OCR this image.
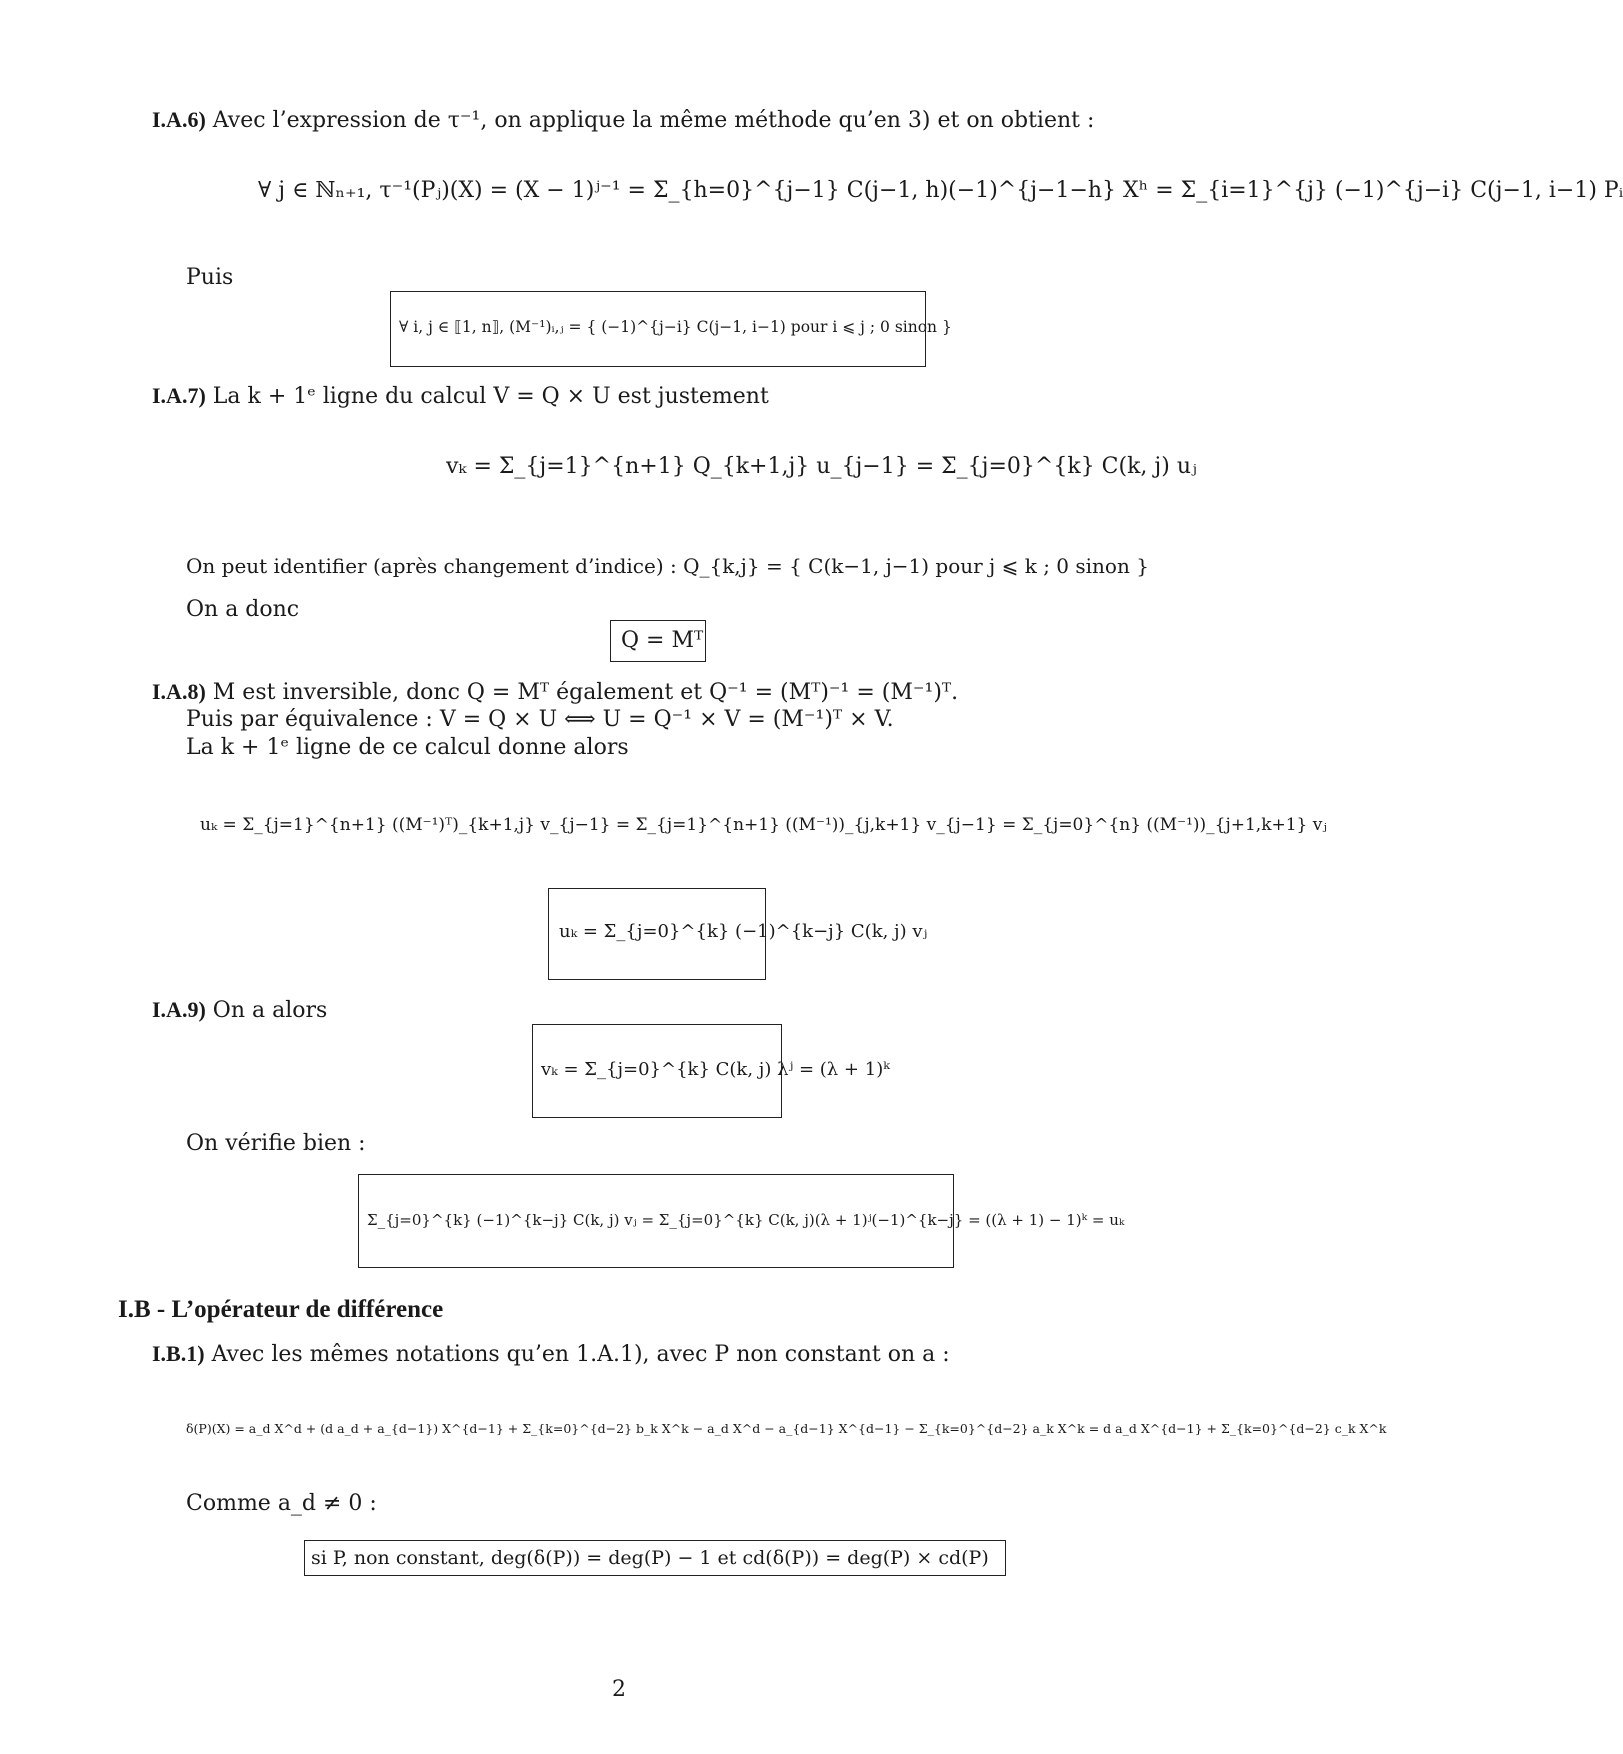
I.A.6) Avec l’expression de τ⁻¹, on applique la même méthode qu’en 3) et on obtient :
∀ j ∈ ℕₙ₊₁, τ⁻¹(Pⱼ)(X) = (X − 1)ʲ⁻¹ = Σ_{h=0}^{j−1} C(j−1, h)(−1)^{j−1−h} Xʰ = Σ_{i=1}^{j} (−1)^{j−i} C(j−1, i−1) Pᵢ
Puis
∀ i, j ∈ ⟦1, n⟧, (M⁻¹)ᵢ,ⱼ = { (−1)^{j−i} C(j−1, i−1) pour i ⩽ j ; 0 sinon }
I.A.7) La k + 1ᵉ ligne du calcul V = Q × U est justement
vₖ = Σ_{j=1}^{n+1} Q_{k+1,j} u_{j−1} = Σ_{j=0}^{k} C(k, j) uⱼ
On peut identifier (après changement d’indice) : Q_{k,j} = { C(k−1, j−1) pour j ⩽ k ; 0 sinon }
On a donc
Q = Mᵀ
I.A.8) M est inversible, donc Q = Mᵀ également et Q⁻¹ = (Mᵀ)⁻¹ = (M⁻¹)ᵀ.
Puis par équivalence : V = Q × U ⟺ U = Q⁻¹ × V = (M⁻¹)ᵀ × V.
La k + 1ᵉ ligne de ce calcul donne alors
uₖ = Σ_{j=1}^{n+1} ((M⁻¹)ᵀ)_{k+1,j} v_{j−1} = Σ_{j=1}^{n+1} ((M⁻¹))_{j,k+1} v_{j−1} = Σ_{j=0}^{n} ((M⁻¹))_{j+1,k+1} vⱼ
uₖ = Σ_{j=0}^{k} (−1)^{k−j} C(k, j) vⱼ
I.A.9) On a alors
vₖ = Σ_{j=0}^{k} C(k, j) λʲ = (λ + 1)ᵏ
On vérifie bien :
Σ_{j=0}^{k} (−1)^{k−j} C(k, j) vⱼ = Σ_{j=0}^{k} C(k, j)(λ + 1)ʲ(−1)^{k−j} = ((λ + 1) − 1)ᵏ = uₖ
I.B - L’opérateur de différence
I.B.1) Avec les mêmes notations qu’en 1.A.1), avec P non constant on a :
δ(P)(X) = a_d X^d + (d a_d + a_{d−1}) X^{d−1} + Σ_{k=0}^{d−2} b_k X^k − a_d X^d − a_{d−1} X^{d−1} − Σ_{k=0}^{d−2} a_k X^k = d a_d X^{d−1} + Σ_{k=0}^{d−2} c_k X^k
Comme a_d ≠ 0 :
si P, non constant, deg(δ(P)) = deg(P) − 1 et cd(δ(P)) = deg(P) × cd(P)
2
